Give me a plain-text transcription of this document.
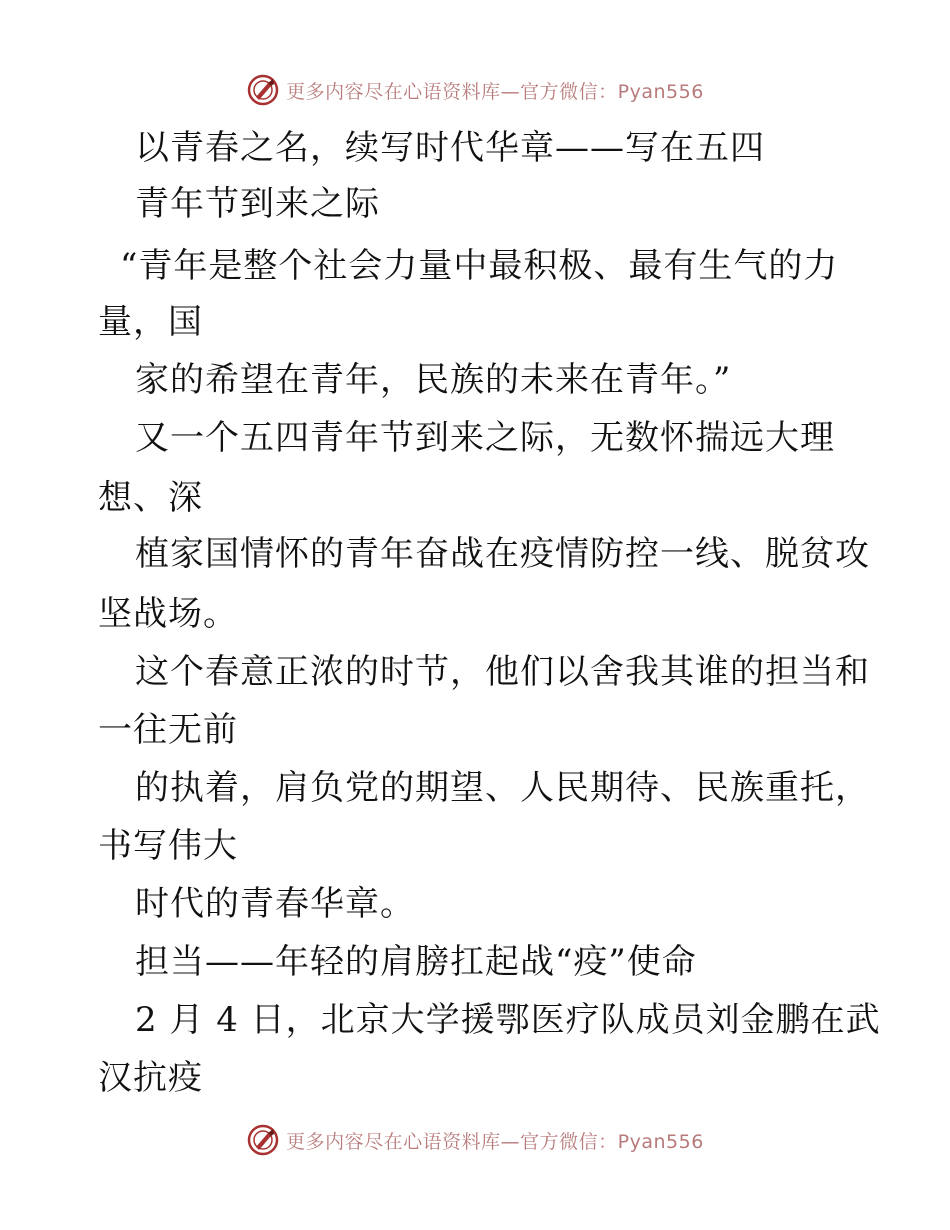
更多内容尽在心语资料库—官方微信：Pyan556
以青春之名，续写时代华章——写在五四
青年节到来之际
“青年是整个社会力量中最积极、最有生气的力
量，国
家的希望在青年，民族的未来在青年。”
又一个五四青年节到来之际，无数怀揣远大理
想、深
植家国情怀的青年奋战在疫情防控一线、脱贫攻
坚战场。
这个春意正浓的时节，他们以舍我其谁的担当和
一往无前
的执着，肩负党的期望、人民期待、民族重托，
书写伟大
时代的青春华章。
担当——年轻的肩膀扛起战“疫”使命
2 月 4 日，北京大学援鄂医疗队成员刘金鹏在武
汉抗疫
更多内容尽在心语资料库—官方微信：Pyan556
